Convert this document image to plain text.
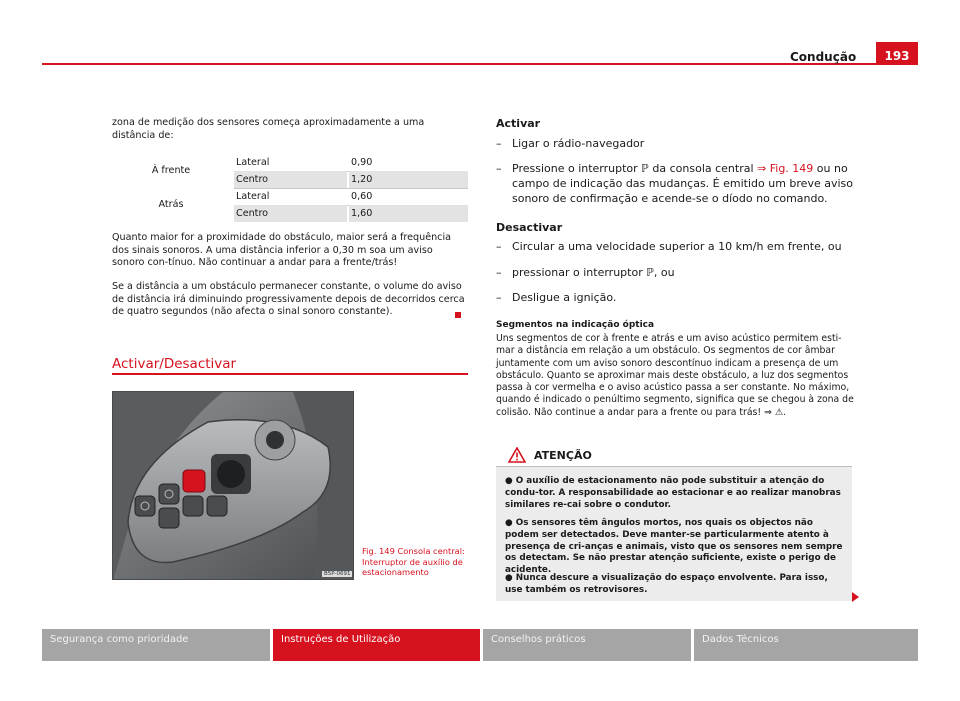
Condução	193

zona de medição dos sensores começa aproximadamente a uma distância de:

À frente
Lateral	0,90
Centro	1,20
Atrás
Lateral	0,60
Centro	1,60

Quanto maior for a proximidade do obstáculo, maior será a frequência dos sinais sonoros. A uma distância inferior a 0,30 m soa um aviso sonoro con-tínuo. Não continuar a andar para a frente/trás!

Se a distância a um obstáculo permanecer constante, o volume do aviso de distância irá diminuindo progressivamente depois de decorridos cerca de quatro segundos (não afecta o sinal sonoro constante).

Activar/Desactivar
B5P-0691
Fig. 149 Consola central: Interruptor de auxílio de estacionamento
Activar
– Ligar o rádio-navegador
– Pressione o interruptor ℙ da consola central ⇒ Fig. 149 ou no campo de indicação das mudanças. É emitido um breve aviso sonoro de confirmação e acende-se o díodo no comando.
Desactivar
– Circular a uma velocidade superior a 10 km/h em frente, ou
– pressionar o interruptor ℙ, ou
– Desligue a ignição.
Segmentos na indicação óptica

Uns segmentos de cor à frente e atrás e um aviso acústico permitem esti-mar a distância em relação a um obstáculo. Os segmentos de cor âmbar juntamente com um aviso sonoro descontínuo indicam a presença de um obstáculo. Quanto se aproximar mais deste obstáculo, a luz dos segmentos passa à cor vermelha e o aviso acústico passa a ser constante. No máximo, quando é indicado o penúltimo segmento, significa que se chegou à zona de colisão. Não continue a andar para a frente ou para trás! ⇒ ⚠.

ATENÇÃO
● O auxílio de estacionamento não pode substituir a atenção do condu-tor. A responsabilidade ao estacionar e ao realizar manobras similares re-cai sobre o condutor.
● Os sensores têm ângulos mortos, nos quais os objectos não podem ser detectados. Deve manter-se particularmente atento à presença de cri-anças e animais, visto que os sensores nem sempre os detectam. Se não prestar atenção suficiente, existe o perigo de acidente.
● Nunca descure a visualização do espaço envolvente. Para isso, use também os retrovisores.
Segurança como prioridade	Instruções de Utilização	Conselhos práticos	Dados Técnicos
